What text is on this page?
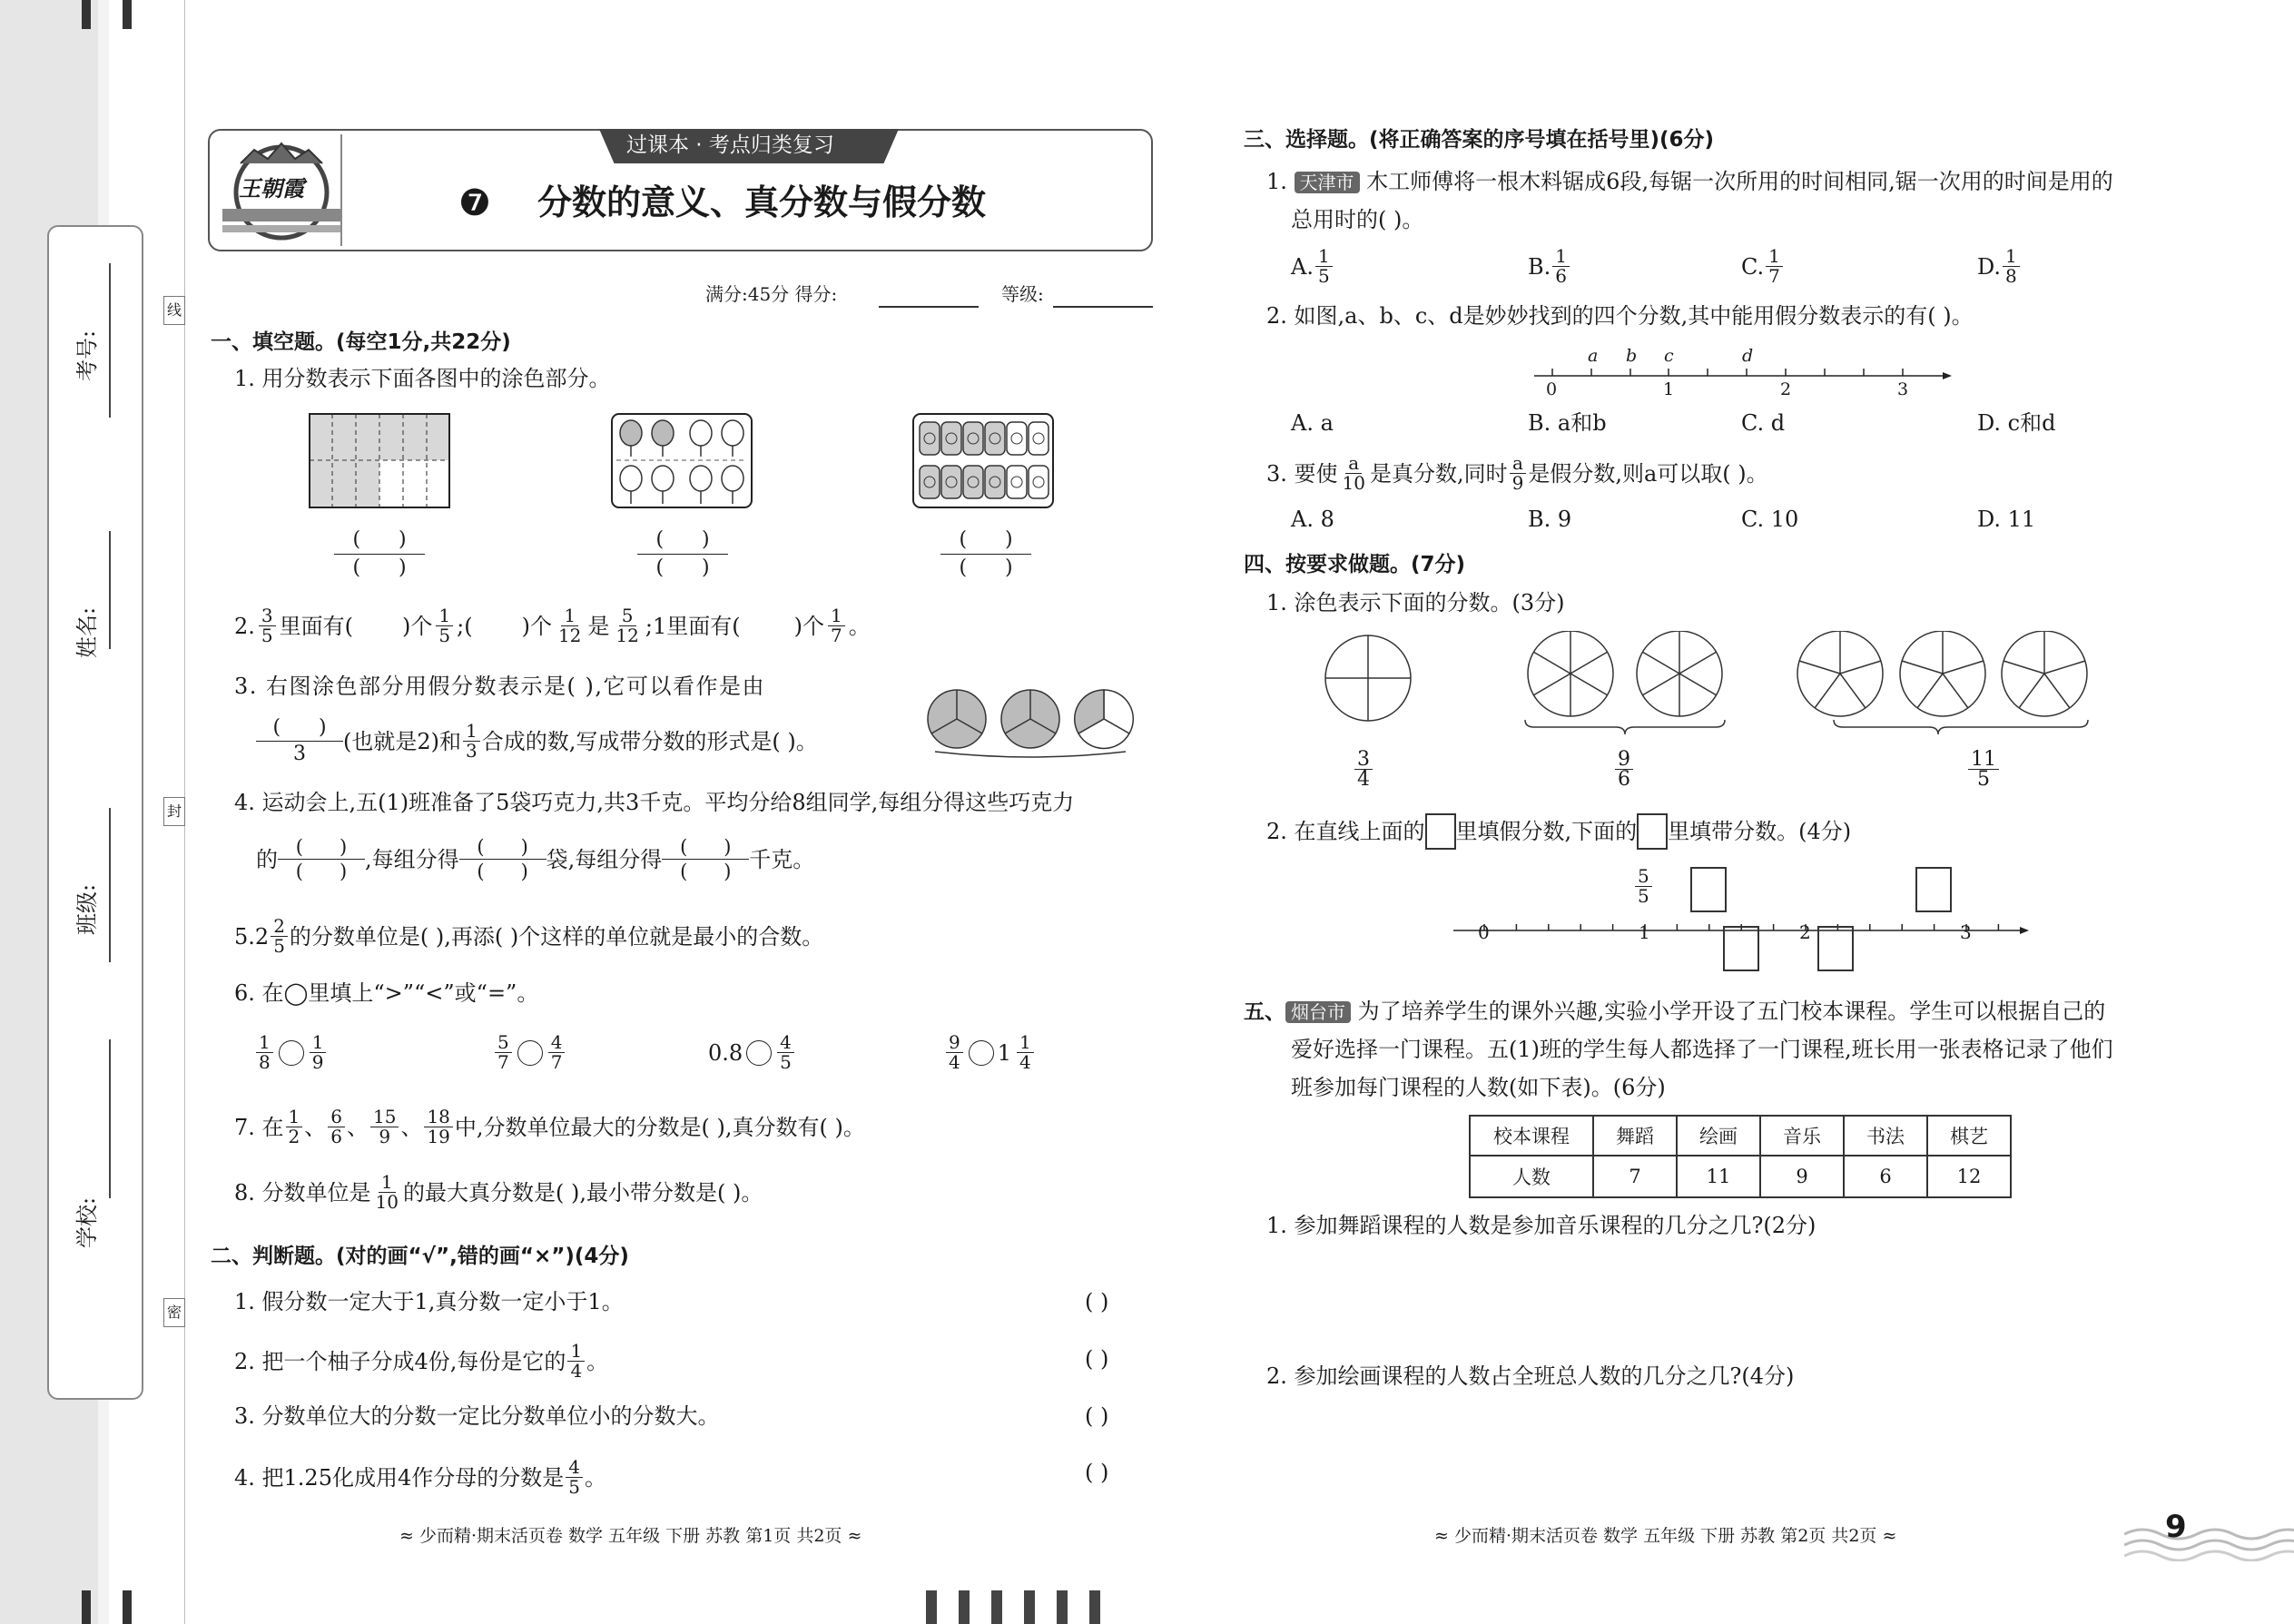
考号:
姓名:
班级:
学校:
线
封
密
过课本 · 考点归类复习
王朝霞	❼ 分数的意义、真分数与假分数
满分:45分 得分:	等级:
一、填空题。(每空1分,共22分)
1. 用分数表示下面各图中的涂色部分。
(      )
(      )
(      )
(      )
(      )
(      )
2. $\frac{3}{5}$ 里面有( )个 $\frac{1}{5}$ ;( )个 $\frac{1}{12}$ 是 $\frac{5}{12}$ ;1里面有( )个 $\frac{1}{7}$ 。
3. 右图涂色部分用假分数表示是( ),它可以看作是由
(      )
3	(也就是2)和 $\frac{1}{3}$ 合成的数,写成带分数的形式是( )。
4. 运动会上,五(1)班准备了5袋巧克力,共3千克。平均分给8组同学,每组分得这些巧克力
的 (      )
(      ) ,每组分得 (      )
(      ) 袋,每组分得 (      )
(      ) 千克。
5. $2 \frac{2}{5}$ 的分数单位是( ),再添( )个这样的单位就是最小的合数。
6. 在◯里填上“>”“<”或“=”。
$\frac{1}{8} \frac{1}{9}$	$\frac{5}{7} \frac{4}{7}$	$0.8 \frac{4}{5}$	$\frac{9}{4} 1 \frac{1}{4}$
7. 在 $\frac{1}{2}$ 、 $\frac{6}{6}$ 、 $\frac{15}{9}$ 、 $\frac{18}{19}$ 中,分数单位最大的分数是( ),真分数有( )。
8. 分数单位是 $\frac{1}{10}$ 的最大真分数是( ),最小带分数是( )。
二、判断题。(对的画“√”,错的画“×”)(4分)
1. 假分数一定大于1,真分数一定小于1。	( )
2. 把一个柚子分成4份,每份是它的 $\frac{1}{4}$ 。	( )
3. 分数单位大的分数一定比分数单位小的分数大。	( )
4. 把1.25化成用4作分母的分数是 $\frac{4}{5}$ 。	( )
≈ 少而精·期末活页卷 数学 五年级 下册 苏教 第1页 共2页 ≈
三、选择题。(将正确答案的序号填在括号里)(6分)
1. 天津市 木工师傅将一根木料锯成6段,每锯一次所用的时间相同,锯一次用的时间是用的
总用时的( )。
A. $\frac{1}{5}$	B. $\frac{1}{6}$	C. $\frac{1}{7}$	D. $\frac{1}{8}$
2. 如图,a、b、c、d是妙妙找到的四个分数,其中能用假分数表示的有( )。
a b c	d
0	1	2	3
A. a	B. a和b	C. d	D. c和d
3. 要使 $\frac{a}{10}$ 是真分数,同时 $\frac{a}{9}$ 是假分数,则a可以取( )。
A. 8	B. 9	C. 10	D. 11
四、按要求做题。(7分)
1. 涂色表示下面的分数。(3分)
$\frac{3}{4}$	$\frac{9}{6}$	$\frac{11}{5}$
2. 在直线上面的 里填假分数,下面的 里填带分数。(4分)
0	1	2	3
$\frac{5}{5}$
五、 烟台市 为了培养学生的课外兴趣,实验小学开设了五门校本课程。学生可以根据自己的
爱好选择一门课程。五(1)班的学生每人都选择了一门课程,班长用一张表格记录了他们
班参加每门课程的人数(如下表)。(6分)
校本课程	舞蹈	绘画	音乐	书法	棋艺
人数	7	11	9	6	12
1. 参加舞蹈课程的人数是参加音乐课程的几分之几?(2分)
2. 参加绘画课程的人数占全班总人数的几分之几?(4分)
≈ 少而精·期末活页卷 数学 五年级 下册 苏教 第2页 共2页 ≈	9
